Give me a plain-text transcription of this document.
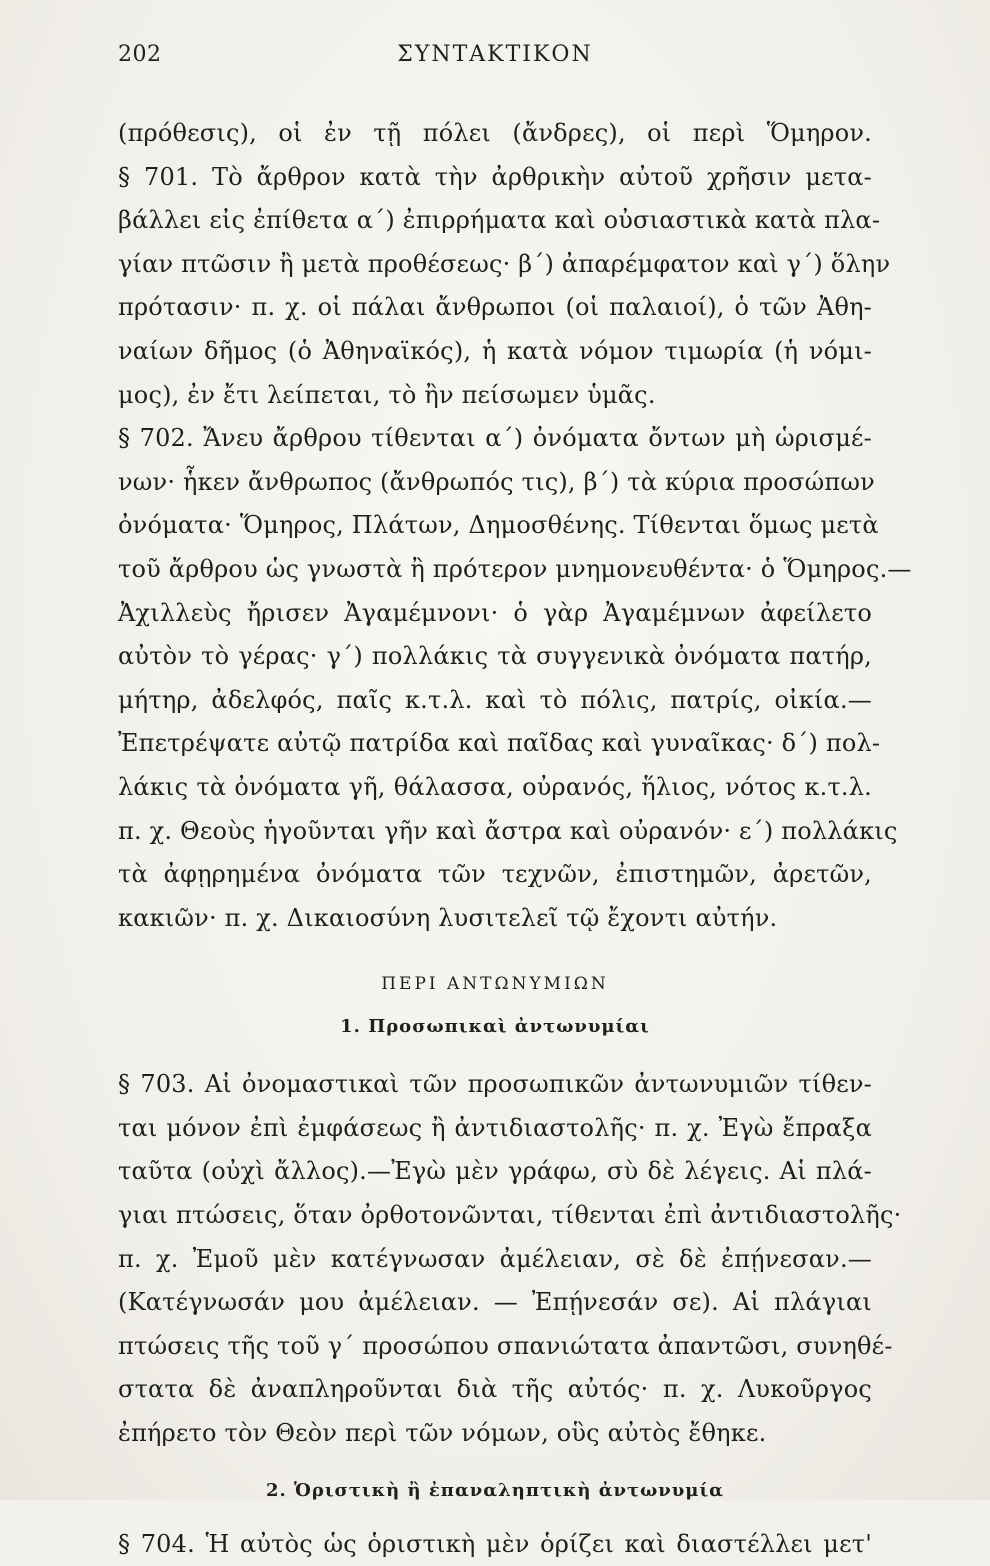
202	ΣΥΝΤΑΚΤΙΚΟΝ
(πρόθεσις), οἱ ἐν τῇ πόλει (ἄνδρες), οἱ περὶ Ὅμηρον.
§ 701. Τὸ ἄρθρον κατὰ τὴν ἀρθρικὴν αὐτοῦ χρῆσιν μετα-
βάλλει εἰς ἐπίθετα α΄) ἐπιρρήματα καὶ οὐσιαστικὰ κατὰ πλα-
γίαν πτῶσιν ἢ μετὰ προθέσεως· β΄) ἀπαρέμφατον καὶ γ΄) ὅλην
πρότασιν· π. χ. οἱ πάλαι ἄνθρωποι (οἱ παλαιοί), ὁ τῶν Ἀθη-
ναίων δῆμος (ὁ Ἀθηναϊκός), ἡ κατὰ νόμον τιμωρία (ἡ νόμι-
μος), ἐν ἔτι λείπεται, τὸ ἢν πείσωμεν ὑμᾶς.
§ 702. Ἄνευ ἄρθρου τίθενται α΄) ὀνόματα ὄντων μὴ ὡρισμέ-
νων· ἧκεν ἄνθρωπος (ἄνθρωπός τις), β΄) τὰ κύρια προσώπων
ὀνόματα· Ὅμηρος, Πλάτων, Δημοσθένης. Τίθενται ὅμως μετὰ
τοῦ ἄρθρου ὡς γνωστὰ ἢ πρότερον μνημονευθέντα· ὁ Ὅμηρος.—
Ἀχιλλεὺς ἤρισεν Ἀγαμέμνονι· ὁ γὰρ Ἀγαμέμνων ἀφείλετο
αὐτὸν τὸ γέρας· γ΄) πολλάκις τὰ συγγενικὰ ὀνόματα πατήρ,
μήτηρ, ἀδελφός, παῖς κ.τ.λ. καὶ τὸ πόλις, πατρίς, οἰκία.—
Ἐπετρέψατε αὐτῷ πατρίδα καὶ παῖδας καὶ γυναῖκας· δ΄) πολ-
λάκις τὰ ὀνόματα γῆ, θάλασσα, οὐρανός, ἥλιος, νότος κ.τ.λ.
π. χ. Θεοὺς ἡγοῦνται γῆν καὶ ἄστρα καὶ οὐρανόν· ε΄) πολλάκις
τὰ ἀφῃρημένα ὀνόματα τῶν τεχνῶν, ἐπιστημῶν, ἀρετῶν,
κακιῶν· π. χ. Δικαιοσύνη λυσιτελεῖ τῷ ἔχοντι αὐτήν.
ΠΕΡΙ ΑΝΤΩΝΥΜΙΩΝ
1. Προσωπικαὶ ἀντωνυμίαι
§ 703. Αἱ ὀνομαστικαὶ τῶν προσωπικῶν ἀντωνυμιῶν τίθεν-
ται μόνον ἐπὶ ἐμφάσεως ἢ ἀντιδιαστολῆς· π. χ. Ἐγὼ ἔπραξα
ταῦτα (οὐχὶ ἄλλος).—Ἐγὼ μὲν γράφω, σὺ δὲ λέγεις. Αἱ πλά-
γιαι πτώσεις, ὅταν ὀρθοτονῶνται, τίθενται ἐπὶ ἀντιδιαστολῆς·
π. χ. Ἐμοῦ μὲν κατέγνωσαν ἀμέλειαν, σὲ δὲ ἐπῄνεσαν.—
(Κατέγνωσάν μου ἀμέλειαν. — Ἐπῄνεσάν σε). Αἱ πλάγιαι
πτώσεις τῆς τοῦ γ΄ προσώπου σπανιώτατα ἀπαντῶσι, συνηθέ-
στατα δὲ ἀναπληροῦνται διὰ τῆς αὐτός· π. χ. Λυκοῦργος
ἐπήρετο τὸν Θεὸν περὶ τῶν νόμων, οὓς αὐτὸς ἔθηκε.
2. Ὁριστικὴ ἢ ἐπαναληπτικὴ ἀντωνυμία
§ 704. Ἡ αὐτὸς ὡς ὁριστικὴ μὲν ὁρίζει καὶ διαστέλλει μετ'
